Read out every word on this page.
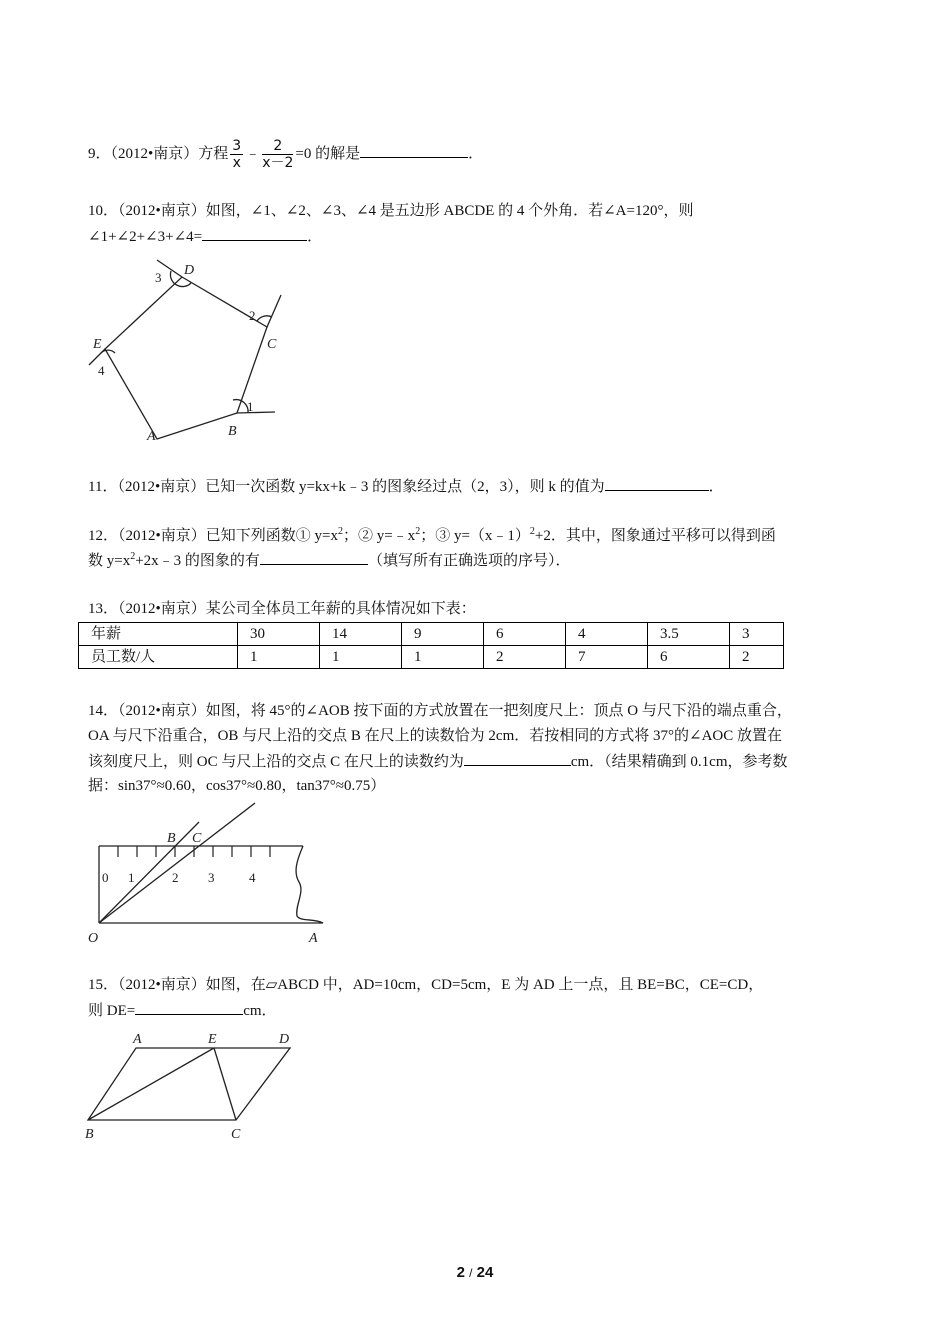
9．（2012•南京）方程 $\frac{3}{x}$ ﹣ $\frac{2}{x-2} =0$ 的解是	．
10．（2012•南京）如图，∠1、∠2、∠3、∠4 是五边形 ABCDE 的 4 个外角．若∠A=120°，则
∠1+∠2+∠3+∠4=	．
D
C
E
A	B
1
2
3
4
11．（2012•南京）已知一次函数 y=kx+k﹣3 的图象经过点（2，3），则 k 的值为	．
12．（2012•南京）已知下列函数① $y=x^2$；② $y=﹣x^2$；③ y=（x﹣1）$^2$+2．其中，图象通过平移可以得到函
数 $y=x^2+2x﹣3$ 的图象的有	（填写所有正确选项的序号）．
13．（2012•南京）某公司全体员工年薪的具体情况如下表：
年薪	30	14	9	6	4	3.5	3
员工数/人	1	1	1	2	7	6	2
14．（2012•南京）如图，将 45°的∠AOB 按下面的方式放置在一把刻度尺上：顶点 O 与尺下沿的端点重合，
OA 与尺下沿重合，OB 与尺上沿的交点 B 在尺上的读数恰为 2cm．若按相同的方式将 37°的∠AOC 放置在
该刻度尺上，则 OC 与尺上沿的交点 C 在尺上的读数约为	cm．（结果精确到 0.1cm，参考数
据：sin37°≈0.60，cos37°≈0.80，tan37°≈0.75）
0 1	2 3	4
B C
O	A
15．（2012•南京）如图，在▱ABCD 中，AD=10cm，CD=5cm，E 为 AD 上一点，且 BE=BC，CE=CD，
则 DE=	cm．
A	E	D
B	C
2 / 24
